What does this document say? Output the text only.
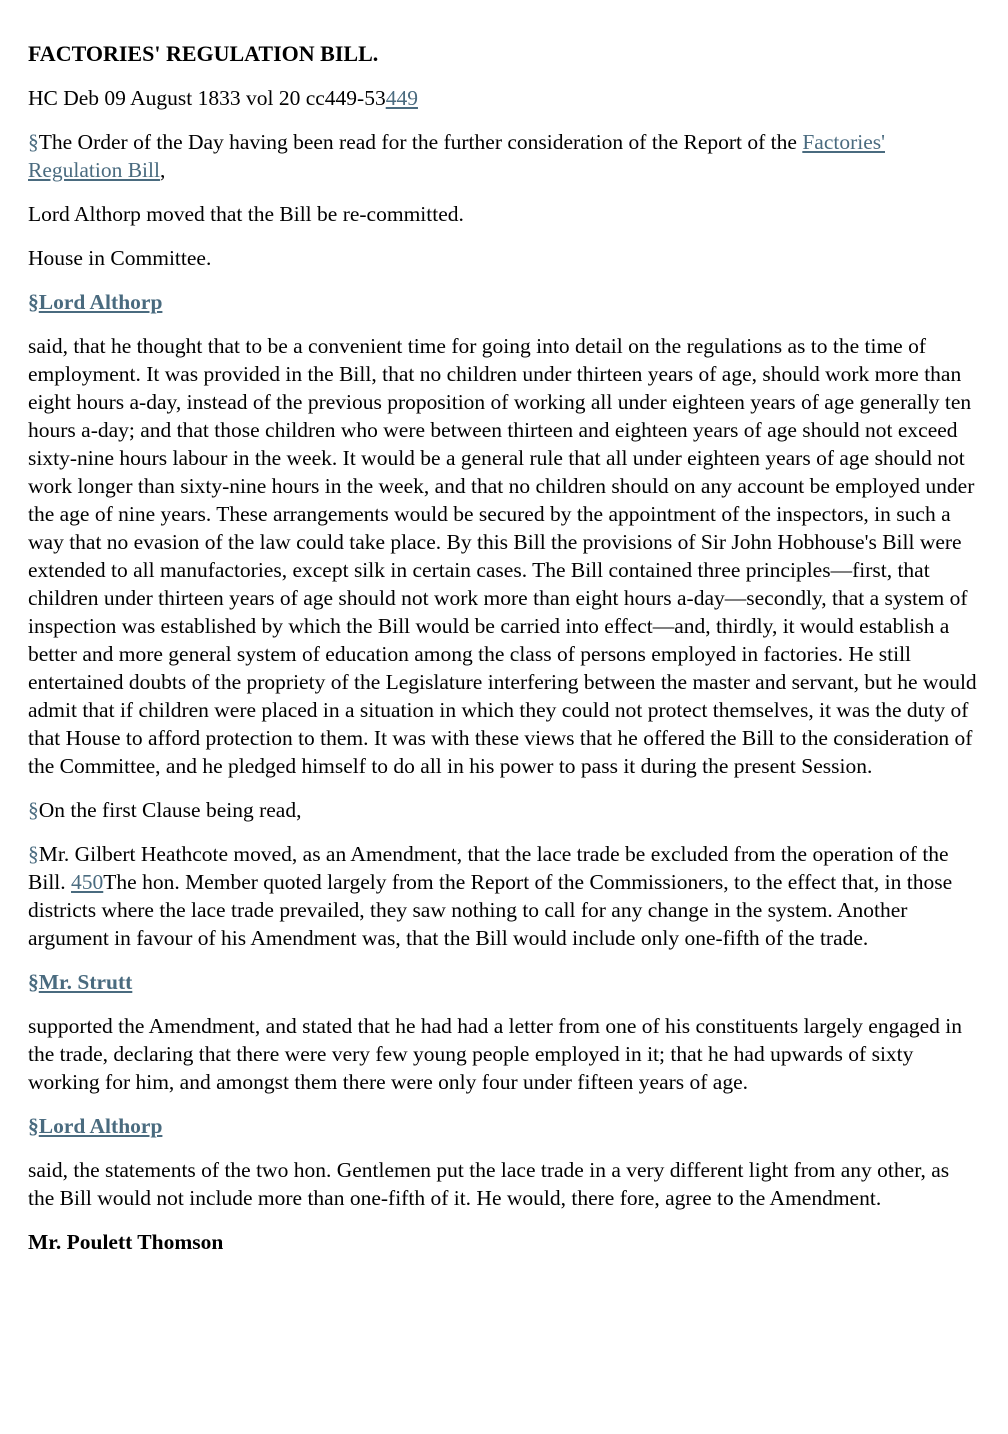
FACTORIES' REGULATION BILL.

HC Deb 09 August 1833 vol 20 cc449-53449

§The Order of the Day having been read for the further consideration of the Report of the Factories' Regulation Bill,

Lord Althorp moved that the Bill be re-committed.

House in Committee.

§Lord Althorp

said, that he thought that to be a convenient time for going into detail on the regulations as to the time of employment. It was provided in the Bill, that no children under thirteen years of age, should work more than eight hours a-day, instead of the previous proposition of working all under eighteen years of age generally ten hours a-day; and that those children who were between thirteen and eighteen years of age should not exceed sixty-nine hours labour in the week. It would be a general rule that all under eighteen years of age should not work longer than sixty-nine hours in the week, and that no children should on any account be employed under the age of nine years. These arrangements would be secured by the appointment of the inspectors, in such a way that no evasion of the law could take place. By this Bill the provisions of Sir John Hobhouse's Bill were extended to all manufactories, except silk in certain cases. The Bill contained three principles—first, that children under thirteen years of age should not work more than eight hours a-day—secondly, that a system of inspection was established by which the Bill would be carried into effect—and, thirdly, it would establish a better and more general system of education among the class of persons employed in factories. He still entertained doubts of the propriety of the Legislature interfering between the master and servant, but he would admit that if children were placed in a situation in which they could not protect themselves, it was the duty of that House to afford protection to them. It was with these views that he offered the Bill to the consideration of the Committee, and he pledged himself to do all in his power to pass it during the present Session.

§On the first Clause being read,

§Mr. Gilbert Heathcote moved, as an Amendment, that the lace trade be excluded from the operation of the Bill. 450The hon. Member quoted largely from the Report of the Commissioners, to the effect that, in those districts where the lace trade prevailed, they saw nothing to call for any change in the system. Another argument in favour of his Amendment was, that the Bill would include only one-fifth of the trade.

§Mr. Strutt

supported the Amendment, and stated that he had had a letter from one of his constituents largely engaged in the trade, declaring that there were very few young people employed in it; that he had upwards of sixty working for him, and amongst them there were only four under fifteen years of age.

§Lord Althorp

said, the statements of the two hon. Gentlemen put the lace trade in a very different light from any other, as the Bill would not include more than one-fifth of it. He would, there fore, agree to the Amendment.

Mr. Poulett Thomson
